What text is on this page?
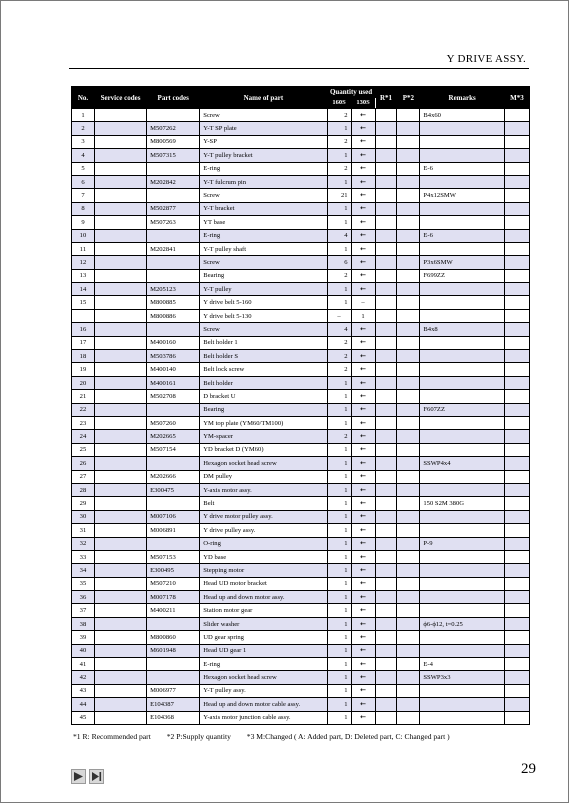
Y DRIVE ASSY.
No.	Service codes	Part codes	Name of part	Quantity used		R*1	P*2	Remarks	M*3
				160S	130S				
1			Screw	2	←			B4x60	
2		M507262	Y-T SP plate	1	←				
3		M800569	Y-SP	2	←				
4		M507315	Y-T pulley bracket	1	←				
5			E-ring	2	←			E-6	
6		M202842	Y-T fulcrum pin	1	←				
7			Screw	21	←			P4x12SMW	
8		M502877	Y-T bracket	1	←				
9		M507263	YT base	1	←				
10			E-ring	4	←			E-6	
11		M202841	Y-T pulley shaft	1	←				
12			Screw	6	←			P3x6SMW	
13			Bearing	2	←			F699ZZ	
14		M205123	Y-T pulley	1	←				
15		M800885	Y drive belt 5-160	1	–				
		M800886	Y drive belt 5-130	–	1				
16			Screw	4	←			B4x8	
17		M400160	Belt holder 1	2	←				
18		M503786	Belt holder S	2	←				
19		M400140	Belt lock screw	2	←				
20		M400161	Belt holder	1	←				
21		M502708	D bracket U	1	←				
22			Bearing	1	←			F607ZZ	
23		M507260	YM top plate (YM60/TM100)	1	←				
24		M202665	YM-spacer	2	←				
25		M507154	YD bracket D (YM60)	1	←				
26			Hexagon socket head screw	1	←			SSWP4x4	
27		M202666	DM pulley	1	←				
28		E300475	Y-axis motor assy.	1	←				
29			Belt	1	←			150 S2M 380G	
30		M007106	Y drive motor pulley assy.	1	←				
31		M006891	Y drive pulley assy.	1	←				
32			O-ring	1	←			P-9	
33		M507153	YD base	1	←				
34		E300495	Stepping motor	1	←				
35		M507210	Head UD motor bracket	1	←				
36		M007178	Head up and down motor assy.	1	←				
37		M400211	Station motor gear	1	←				
38			Slider washer	1	←			ϕ6-ϕ12, t=0.25	
39		M800860	UD gear spring	1	←				
40		M601948	Head UD gear 1	1	←				
41			E-ring	1	←			E-4	
42			Hexagon socket head screw	1	←			SSWP3x3	
43		M006977	Y-T pulley assy.	1	←				
44		E104387	Head up and down motor cable assy.	1	←				
45		E104368	Y-axis motor junction cable assy.	1	←				
*1 R: Recommended part *2 P:Supply quantity *3 M:Changed ( A: Added part, D: Deleted part, C: Changed part )
29
